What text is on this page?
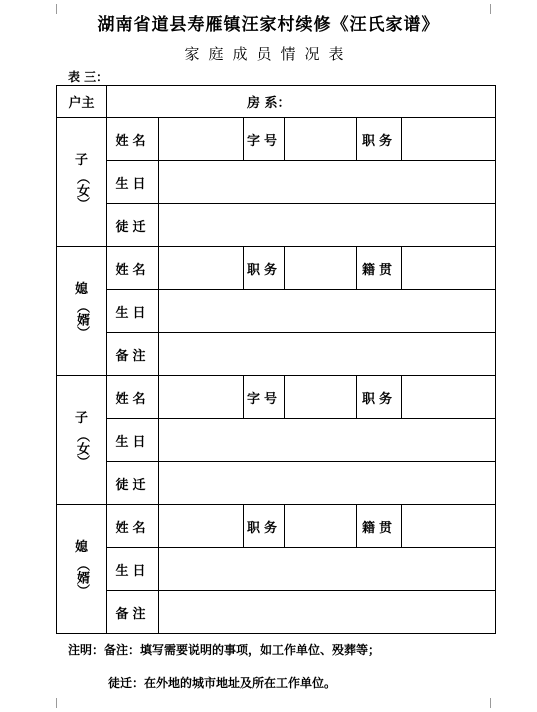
湖南省道县寿雁镇汪家村续修《汪氏家谱》
家庭成员情况表
表 三：
户主	房 系：					

子
（女）	姓名		字号		职务	
	生日					
	徒迁					

媳
（婿）	姓名		职务		籍贯	
	生日					
	备注					

子
（女）	姓名		字号		职务	
	生日					
	徒迁					

媳
（婿）	姓名		职务		籍贯	
	生日					
	备注					
注明：备注：填写需要说明的事项，如工作单位、殁葬等；
徒迁：在外地的城市地址及所在工作单位。
